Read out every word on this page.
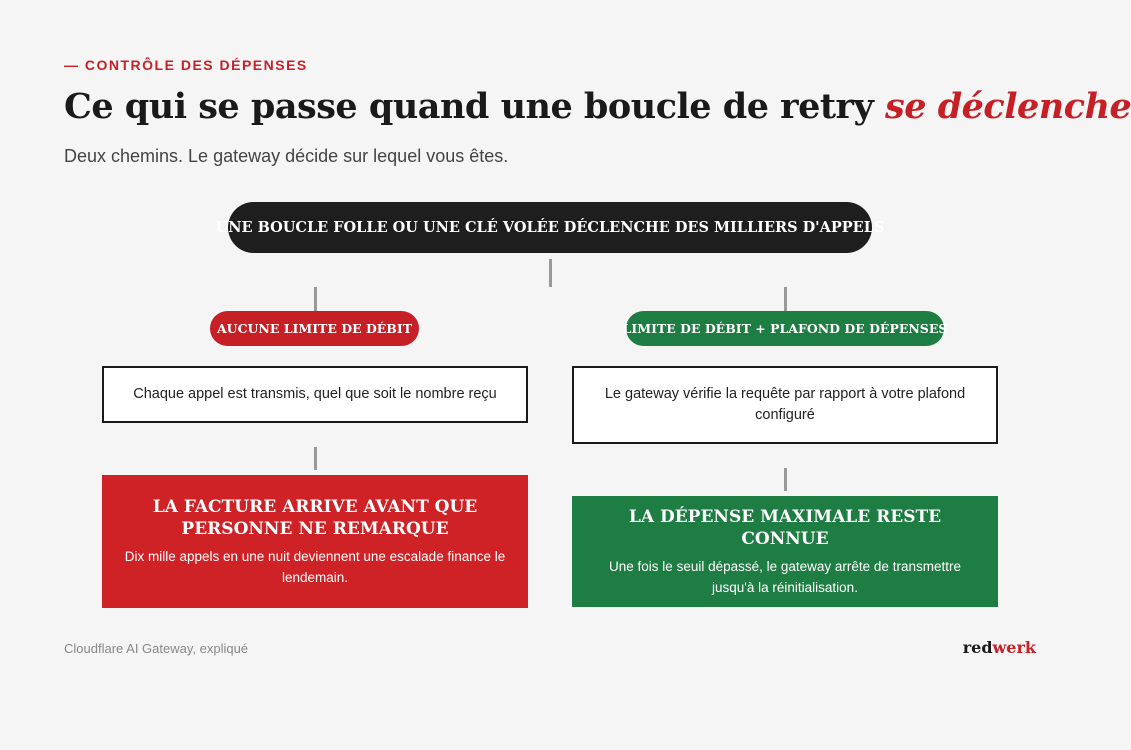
— CONTRÔLE DES DÉPENSES
Ce qui se passe quand une boucle de retry se déclenche
Deux chemins. Le gateway décide sur lequel vous êtes.
UNE BOUCLE FOLLE OU UNE CLÉ VOLÉE DÉCLENCHE DES MILLIERS D'APPELS
AUCUNE LIMITE DE DÉBIT	LIMITE DE DÉBIT + PLAFOND DE DÉPENSES
Chaque appel est transmis, quel que soit le nombre reçu	Le gateway vérifie la requête par rapport à votre plafond configuré
LA FACTURE ARRIVE AVANT QUE PERSONNE NE REMARQUE
Dix mille appels en une nuit deviennent une escalade finance le lendemain.
LA DÉPENSE MAXIMALE RESTE CONNUE
Une fois le seuil dépassé, le gateway arrête de transmettre jusqu'à la réinitialisation.
Cloudflare AI Gateway, expliqué	redwerk
